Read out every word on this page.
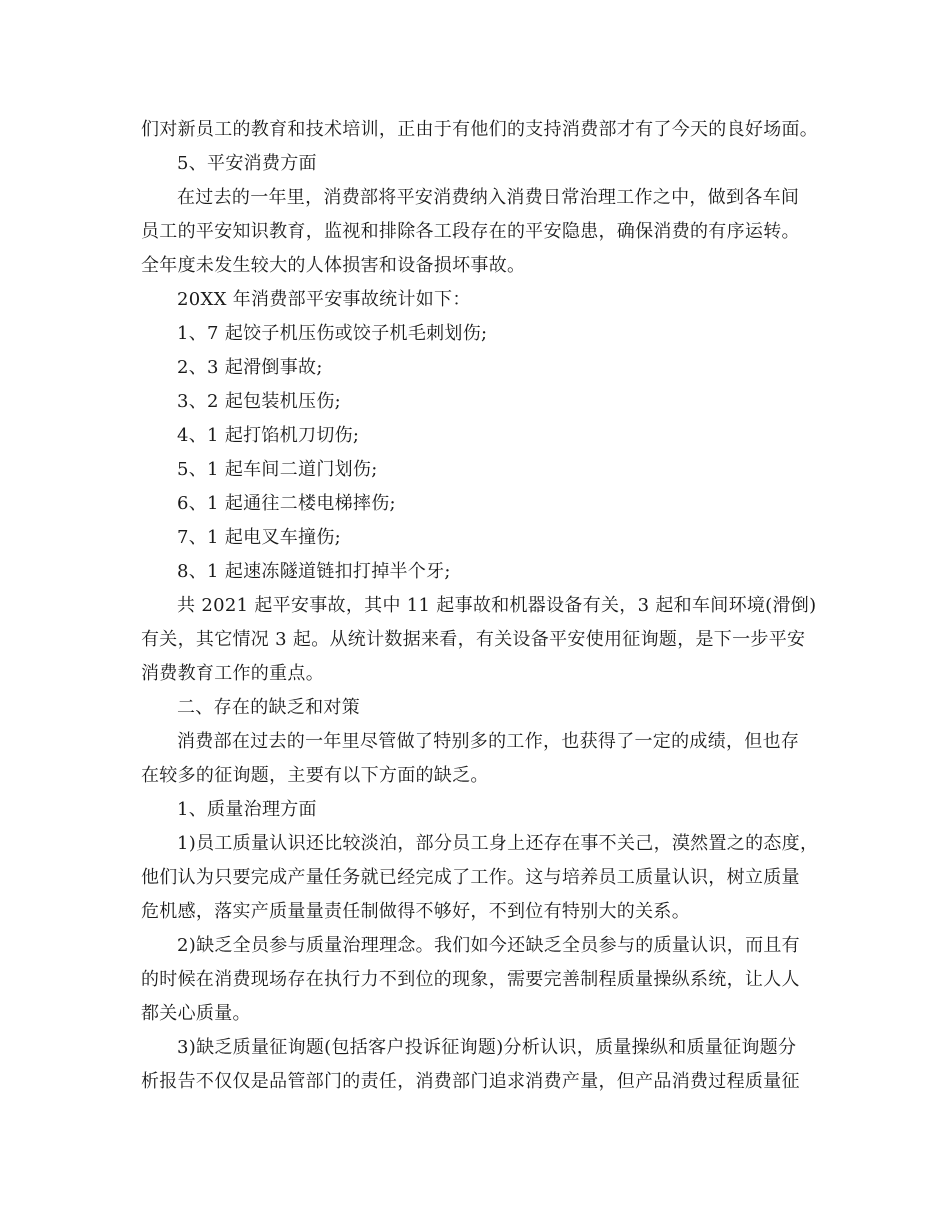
们对新员工的教育和技术培训，正由于有他们的支持消费部才有了今天的良好场面。
5、平安消费方面
在过去的一年里，消费部将平安消费纳入消费日常治理工作之中，做到各车间
员工的平安知识教育，监视和排除各工段存在的平安隐患，确保消费的有序运转。
全年度未发生较大的人体损害和设备损坏事故。
20XX 年消费部平安事故统计如下：
1、7 起饺子机压伤或饺子机毛刺划伤;
2、3 起滑倒事故;
3、2 起包装机压伤;
4、1 起打馅机刀切伤;
5、1 起车间二道门划伤;
6、1 起通往二楼电梯摔伤;
7、1 起电叉车撞伤;
8、1 起速冻隧道链扣打掉半个牙;
共 2021 起平安事故，其中 11 起事故和机器设备有关，3 起和车间环境(滑倒)
有关，其它情况 3 起。从统计数据来看，有关设备平安使用征询题，是下一步平安
消费教育工作的重点。
二、存在的缺乏和对策
消费部在过去的一年里尽管做了特别多的工作，也获得了一定的成绩，但也存
在较多的征询题，主要有以下方面的缺乏。
1、质量治理方面
1)员工质量认识还比较淡泊，部分员工身上还存在事不关己，漠然置之的态度，
他们认为只要完成产量任务就已经完成了工作。这与培养员工质量认识，树立质量
危机感，落实产质量量责任制做得不够好，不到位有特别大的关系。
2)缺乏全员参与质量治理理念。我们如今还缺乏全员参与的质量认识，而且有
的时候在消费现场存在执行力不到位的现象，需要完善制程质量操纵系统，让人人
都关心质量。
3)缺乏质量征询题(包括客户投诉征询题)分析认识，质量操纵和质量征询题分
析报告不仅仅是品管部门的责任，消费部门追求消费产量，但产品消费过程质量征
